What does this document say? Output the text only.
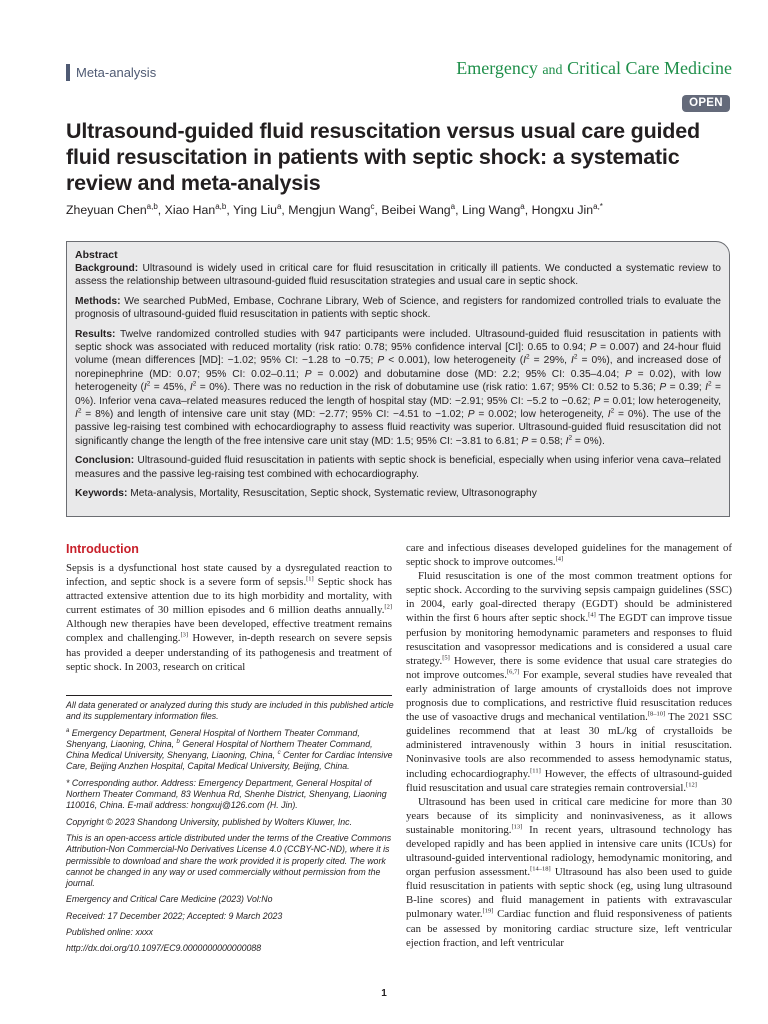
Meta-analysis	Emergency and Critical Care Medicine
OPEN
Ultrasound-guided fluid resuscitation versus usual care guided fluid resuscitation in patients with septic shock: a systematic review and meta-analysis
Zheyuan Chen$^{a,b}$, Xiao Han$^{a,b}$, Ying Liu$^a$, Mengjun Wang$^c$, Beibei Wang$^a$, Ling Wang$^a$, Hongxu Jin$^{a,*}$

Abstract

Background: Ultrasound is widely used in critical care for fluid resuscitation in critically ill patients. We conducted a systematic review to assess the relationship between ultrasound-guided fluid resuscitation strategies and usual care in septic shock.

Methods: We searched PubMed, Embase, Cochrane Library, Web of Science, and registers for randomized controlled trials to evaluate the prognosis of ultrasound-guided fluid resuscitation in patients with septic shock.

Results: Twelve randomized controlled studies with 947 participants were included. Ultrasound-guided fluid resuscitation in patients with septic shock was associated with reduced mortality (risk ratio: 0.78; 95% confidence interval [CI]: 0.65 to 0.94; P = 0.007) and 24-hour fluid volume (mean differences [MD]: −1.02; 95% CI: −1.28 to −0.75; P < 0.001), low heterogeneity ($I^2 = 29\%$, $I^2 = 0\%$), and increased dose of norepinephrine (MD: 0.07; 95% CI: 0.02–0.11; P = 0.002) and dobutamine dose (MD: 2.2; 95% CI: 0.35–4.04; P = 0.02), with low heterogeneity ($I^2 = 45\%$, $I^2 = 0\%$). There was no reduction in the risk of dobutamine use (risk ratio: 1.67; 95% CI: 0.52 to 5.36; P = 0.39; $I^2 = 0\%$). Inferior vena cava–related measures reduced the length of hospital stay (MD: −2.91; 95% CI: −5.2 to −0.62; P = 0.01; low heterogeneity, $I^2 = 8\%$) and length of intensive care unit stay (MD: −2.77; 95% CI: −4.51 to −1.02; P = 0.002; low heterogeneity, $I^2 = 0\%$). The use of the passive leg-raising test combined with echocardiography to assess fluid reactivity was superior. Ultrasound-guided fluid resuscitation did not significantly change the length of the free intensive care unit stay (MD: 1.5; 95% CI: −3.81 to 6.81; P = 0.58; $I^2 = 0\%$).

Conclusion: Ultrasound-guided fluid resuscitation in patients with septic shock is beneficial, especially when using inferior vena cava–related measures and the passive leg-raising test combined with echocardiography.

Keywords: Meta-analysis, Mortality, Resuscitation, Septic shock, Systematic review, Ultrasonography

Introduction

Sepsis is a dysfunctional host state caused by a dysregulated reaction to infection, and septic shock is a severe form of sepsis.[1] Septic shock has attracted extensive attention due to its high morbidity and mortality, with current estimates of 30 million episodes and 6 million deaths annually.[2] Although new therapies have been developed, effective treatment remains complex and challenging.[3] However, in-depth research on severe sepsis has provided a deeper understanding of its pathogenesis and treatment of septic shock. In 2003, research on critical

care and infectious diseases developed guidelines for the management of septic shock to improve outcomes.[4]

Fluid resuscitation is one of the most common treatment options for septic shock. According to the surviving sepsis campaign guidelines (SSC) in 2004, early goal-directed therapy (EGDT) should be administered within the first 6 hours after septic shock.[4] The EGDT can improve tissue perfusion by monitoring hemodynamic parameters and responses to fluid resuscitation and vasopressor medications and is considered a usual care strategy.[5] However, there is some evidence that usual care strategies do not improve outcomes.[6,7] For example, several studies have revealed that early administration of large amounts of crystalloids does not improve prognosis due to complications, and restrictive fluid resuscitation reduces the use of vasoactive drugs and mechanical ventilation.[8–10] The 2021 SSC guidelines recommend that at least 30 mL/kg of crystalloids be administered intravenously within 3 hours in initial resuscitation. Noninvasive tools are also recommended to assess hemodynamic status, including echocardiography.[11] However, the effects of ultrasound-guided fluid resuscitation and usual care strategies remain controversial.[12]

Ultrasound has been used in critical care medicine for more than 30 years because of its simplicity and noninvasiveness, as it allows sustainable monitoring.[13] In recent years, ultrasound technology has developed rapidly and has been applied in intensive care units (ICUs) for ultrasound-guided interventional radiology, hemodynamic monitoring, and organ perfusion assessment.[14–18] Ultrasound has also been used to guide fluid resuscitation in patients with septic shock (eg, using lung ultrasound B-line scores) and fluid management in patients with extravascular pulmonary water.[19] Cardiac function and fluid responsiveness of patients can be assessed by monitoring cardiac structure size, left ventricular ejection fraction, and left ventricular

All data generated or analyzed during this study are included in this published article and its supplementary information files.

$^a$ Emergency Department, General Hospital of Northern Theater Command, Shenyang, Liaoning, China, $^b$ General Hospital of Northern Theater Command, China Medical University, Shenyang, Liaoning, China, $^c$ Center for Cardiac Intensive Care, Beijing Anzhen Hospital, Capital Medical University, Beijing, China.

* Corresponding author. Address: Emergency Department, General Hospital of Northern Theater Command, 83 Wenhua Rd, Shenhe District, Shenyang, Liaoning 110016, China. E-mail address: hongxuj@126.com (H. Jin).

Copyright © 2023 Shandong University, published by Wolters Kluwer, Inc.

This is an open-access article distributed under the terms of the Creative Commons Attribution-Non Commercial-No Derivatives License 4.0 (CCBY-NC-ND), where it is permissible to download and share the work provided it is properly cited. The work cannot be changed in any way or used commercially without permission from the journal.

Emergency and Critical Care Medicine (2023) Vol:No

Received: 17 December 2022; Accepted: 9 March 2023

Published online: xxxx

http://dx.doi.org/10.1097/EC9.0000000000000088

1
